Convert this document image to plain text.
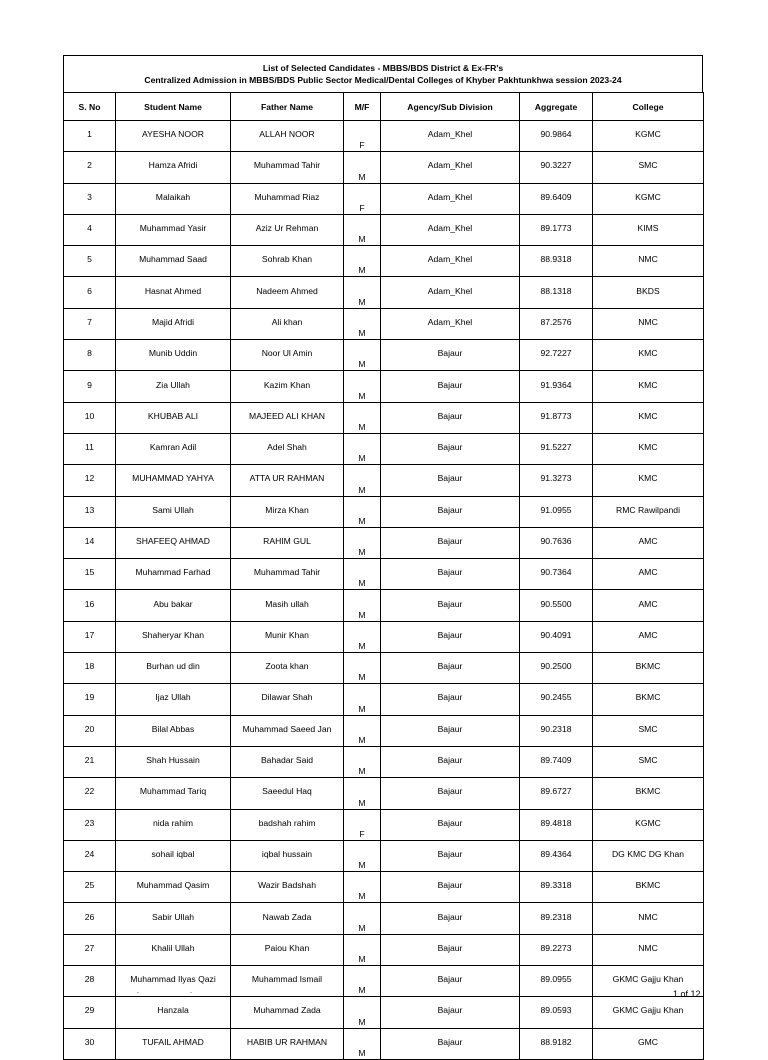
List of Selected Candidates - MBBS/BDS District & Ex-FR's
Centralized Admission in MBBS/BDS Public Sector Medical/Dental Colleges of Khyber Pakhtunkhwa session 2023-24
S. No	Student Name	Father Name	M/F	Agency/Sub Division	Aggregate	College
1	AYESHA NOOR	ALLAH NOOR	F	Adam_Khel	90.9864	KGMC
2	Hamza Afridi	Muhammad Tahir	M	Adam_Khel	90.3227	SMC
3	Malaikah	Muhammad Riaz	F	Adam_Khel	89.6409	KGMC
4	Muhammad Yasir	Aziz Ur Rehman	M	Adam_Khel	89.1773	KIMS
5	Muhammad Saad	Sohrab Khan	M	Adam_Khel	88.9318	NMC
6	Hasnat Ahmed	Nadeem Ahmed	M	Adam_Khel	88.1318	BKDS
7	Majid Afridi	Ali khan	M	Adam_Khel	87.2576	NMC
8	Munib Uddin	Noor Ul Amin	M	Bajaur	92.7227	KMC
9	Zia Ullah	Kazim Khan	M	Bajaur	91.9364	KMC
10	KHUBAB ALI	MAJEED ALI KHAN	M	Bajaur	91.8773	KMC
11	Kamran Adil	Adel Shah	M	Bajaur	91.5227	KMC
12	MUHAMMAD YAHYA	ATTA UR RAHMAN	M	Bajaur	91.3273	KMC
13	Sami Ullah	Mirza Khan	M	Bajaur	91.0955	RMC Rawilpandi
14	SHAFEEQ AHMAD	RAHIM GUL	M	Bajaur	90.7636	AMC
15	Muhammad Farhad	Muhammad Tahir	M	Bajaur	90.7364	AMC
16	Abu bakar	Masih ullah	M	Bajaur	90.5500	AMC
17	Shaheryar Khan	Munir Khan	M	Bajaur	90.4091	AMC
18	Burhan ud din	Zoota khan	M	Bajaur	90.2500	BKMC
19	Ijaz Ullah	Dilawar Shah	M	Bajaur	90.2455	BKMC
20	Bilal Abbas	Muhammad Saeed Jan	M	Bajaur	90.2318	SMC
21	Shah Hussain	Bahadar Said	M	Bajaur	89.7409	SMC
22	Muhammad Tariq	Saeedul Haq	M	Bajaur	89.6727	BKMC
23	nida rahim	badshah rahim	F	Bajaur	89.4818	KGMC
24	sohail iqbal	iqbal hussain	M	Bajaur	89.4364	DG KMC DG Khan
25	Muhammad Qasim	Wazir Badshah	M	Bajaur	89.3318	BKMC
26	Sabir Ullah	Nawab Zada	M	Bajaur	89.2318	NMC
27	Khalil Ullah	Paiou Khan	M	Bajaur	89.2273	NMC
28	Muhammad Ilyas Qazi	Muhammad Ismail	M	Bajaur	89.0955	GKMC Gajju Khan
29	Hanzala	Muhammad Zada	M	Bajaur	89.0593	GKMC Gajju Khan
30	TUFAIL AHMAD	HABIB UR RAHMAN	M	Bajaur	88.9182	GMC
1 of 12
